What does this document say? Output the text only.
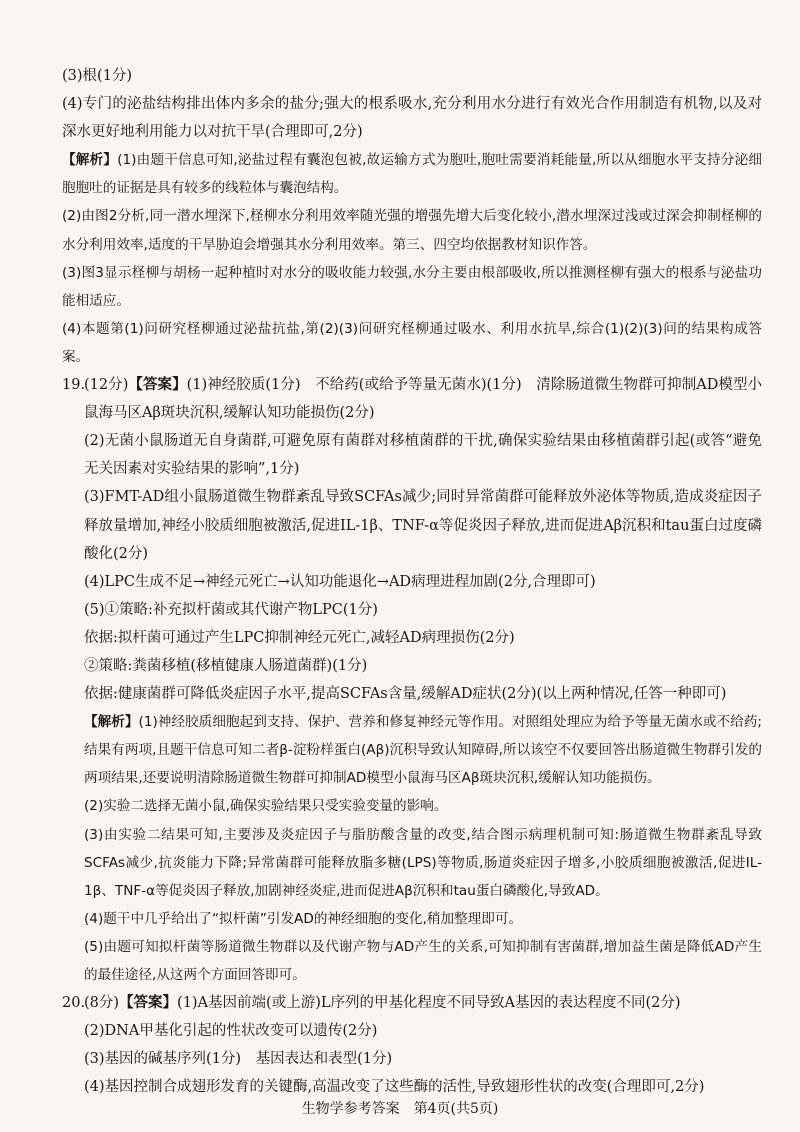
(3)根(1分)

(4)专门的泌盐结构排出体内多余的盐分;强大的根系吸水,充分利用水分进行有效光合作用制造有机物,以及对深水更好地利用能力以对抗干旱(合理即可,2分)

【解析】(1)由题干信息可知,泌盐过程有囊泡包被,故运输方式为胞吐,胞吐需要消耗能量,所以从细胞水平支持分泌细胞胞吐的证据是具有较多的线粒体与囊泡结构。

(2)由图2分析,同一潜水埋深下,柽柳水分利用效率随光强的增强先增大后变化较小,潜水埋深过浅或过深会抑制柽柳的水分利用效率,适度的干旱胁迫会增强其水分利用效率。第三、四空均依据教材知识作答。

(3)图3显示柽柳与胡杨一起种植时对水分的吸收能力较强,水分主要由根部吸收,所以推测柽柳有强大的根系与泌盐功能相适应。

(4)本题第(1)问研究柽柳通过泌盐抗盐,第(2)(3)问研究柽柳通过吸水、利用水抗旱,综合(1)(2)(3)问的结果构成答案。

19.(12分)【答案】(1)神经胶质(1分)　不给药(或给予等量无菌水)(1分)　清除肠道微生物群可抑制AD模型小鼠海马区Aβ斑块沉积,缓解认知功能损伤(2分)

(2)无菌小鼠肠道无自身菌群,可避免原有菌群对移植菌群的干扰,确保实验结果由移植菌群引起(或答“避免无关因素对实验结果的影响”,1分)

(3)FMT-AD组小鼠肠道微生物群紊乱导致SCFAs减少;同时异常菌群可能释放外泌体等物质,造成炎症因子释放量增加,神经小胶质细胞被激活,促进IL-1β、TNF-α等促炎因子释放,进而促进Aβ沉积和tau蛋白过度磷酸化(2分)

(4)LPC生成不足→神经元死亡→认知功能退化→AD病理进程加剧(2分,合理即可)

(5)①策略:补充拟杆菌或其代谢产物LPC(1分)

依据:拟杆菌可通过产生LPC抑制神经元死亡,减轻AD病理损伤(2分)

②策略:粪菌移植(移植健康人肠道菌群)(1分)

依据:健康菌群可降低炎症因子水平,提高SCFAs含量,缓解AD症状(2分)(以上两种情况,任答一种即可)

【解析】(1)神经胶质细胞起到支持、保护、营养和修复神经元等作用。对照组处理应为给予等量无菌水或不给药;结果有两项,且题干信息可知二者β-淀粉样蛋白(Aβ)沉积导致认知障碍,所以该空不仅要回答出肠道微生物群引发的两项结果,还要说明清除肠道微生物群可抑制AD模型小鼠海马区Aβ斑块沉积,缓解认知功能损伤。

(2)实验二选择无菌小鼠,确保实验结果只受实验变量的影响。

(3)由实验二结果可知,主要涉及炎症因子与脂肪酸含量的改变,结合图示病理机制可知:肠道微生物群紊乱导致SCFAs减少,抗炎能力下降;异常菌群可能释放脂多糖(LPS)等物质,肠道炎症因子增多,小胶质细胞被激活,促进IL-1β、TNF-α等促炎因子释放,加剧神经炎症,进而促进Aβ沉积和tau蛋白磷酸化,导致AD。

(4)题干中几乎给出了“拟杆菌”引发AD的神经细胞的变化,稍加整理即可。

(5)由题可知拟杆菌等肠道微生物群以及代谢产物与AD产生的关系,可知抑制有害菌群,增加益生菌是降低AD产生的最佳途径,从这两个方面回答即可。

20.(8分)【答案】(1)A基因前端(或上游)L序列的甲基化程度不同导致A基因的表达程度不同(2分)

(2)DNA甲基化引起的性状改变可以遗传(2分)

(3)基因的碱基序列(1分)　基因表达和表型(1分)

(4)基因控制合成翅形发育的关键酶,高温改变了这些酶的活性,导致翅形性状的改变(合理即可,2分)

生物学参考答案　第4页(共5页)
